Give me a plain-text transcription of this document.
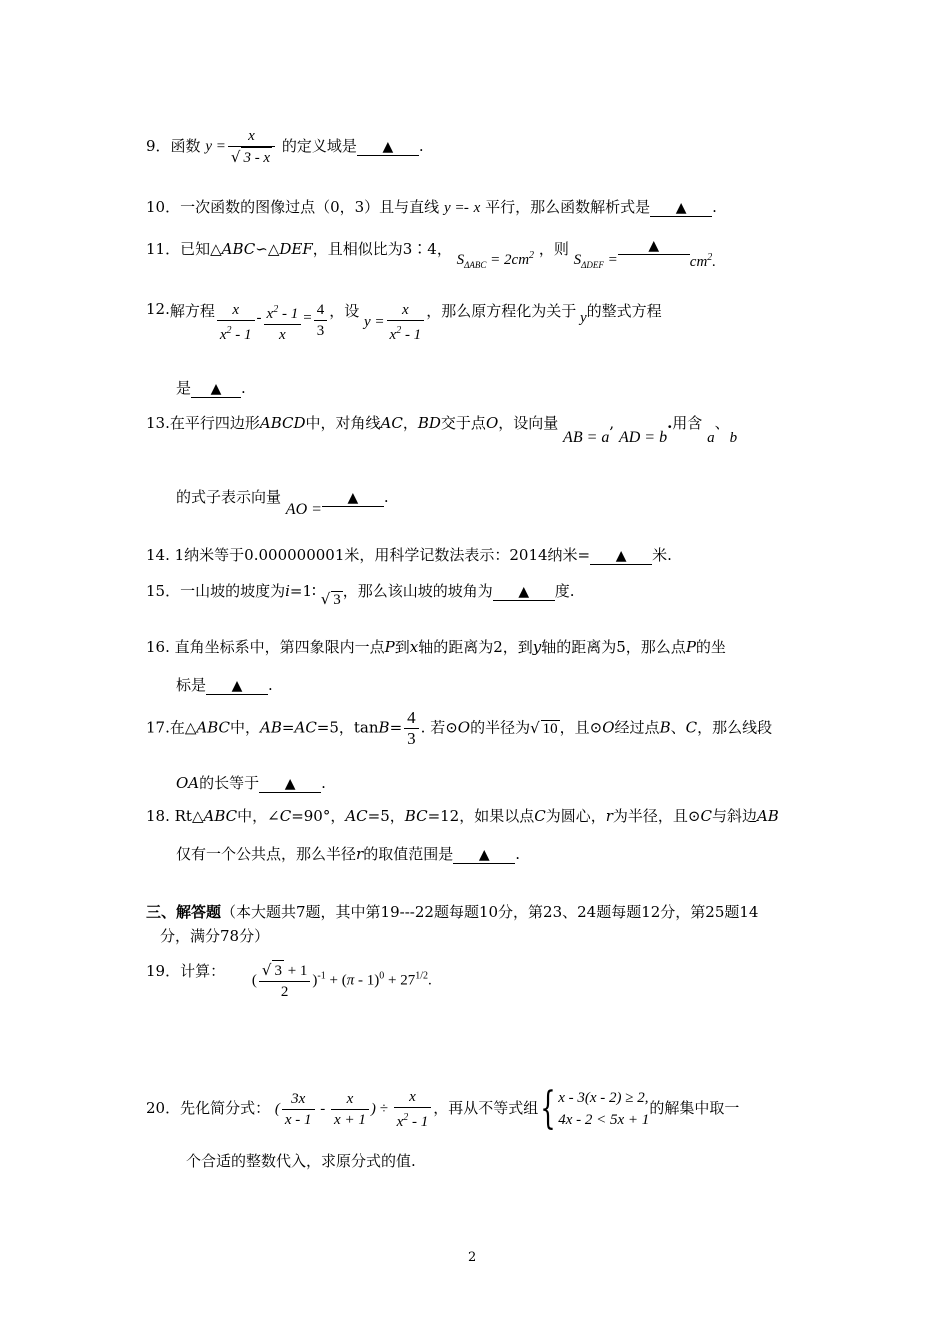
9．函数 $y = \frac{x}{√ 3 - x}$ 的定义域是 ▲ .
10．一次函数的图像过点（0，3）且与直线 y =- x 平行，那么函数解析式是 ▲ .
11．已知△ABC∽△DEF，且相似比为3∶4， $S_{\Delta ABC} = 2cm^2$ ，则 $S_{\Delta DEF}$ $=▲cm^2$.
12.解方程 $\frac{x}{x^2 - 1} - \frac{x^2 - 1}{x} = \frac{4}{3}$ ，设 $y = \frac{x}{x^2 - 1}$ ，那么原方程化为关于 y的整式方程
是 ▲ .
13.在平行四边形ABCD中，对角线AC，BD交于点O，设向量 AB = a, AD = b.用含 a、b
的式子表示向量 AO =▲ .
14. 1纳米等于0.000000001米，用科学记数法表示：2014纳米= ▲ 米.
15．一山坡的坡度为i=1∶ √ 3 ，那么该山坡的坡角为 ▲ 度.
16. 直角坐标系中，第四象限内一点P到x轴的距离为2，到y轴的距离为5，那么点P的坐
标是 ▲ .
17.在△ABC中，AB=AC=5，$\tan B= \frac{4}{3}$ . 若⊙O的半径为√ 10 ，且⊙O经过点B、C，那么线段
OA的长等于 ▲ .
18. Rt△ABC中，∠C=90°，AC=5，BC=12，如果以点C为圆心，r为半径，且⊙C与斜边AB
仅有一个公共点，那么半径r的取值范围是 ▲ .
三、解答题（本大题共7题，其中第19---22题每题10分，第23、24题每题12分，第25题14
分，满分78分）
19．计算： ( $\frac{√ 3 + 1}{2} )^{-1} + (\pi - 1)^0 + 27^{1/2}$.
20．先化简分式： ( $\frac{3x}{x - 1} - \frac{x}{x + 1}$ ) ÷ $\frac{x}{x^2 - 1}$ ，再从不等式组{ x - 3(x - 2) ≥ 2,
4x - 2 < 5x + 1
的解集中取一
个合适的整数代入，求原分式的值.
2
